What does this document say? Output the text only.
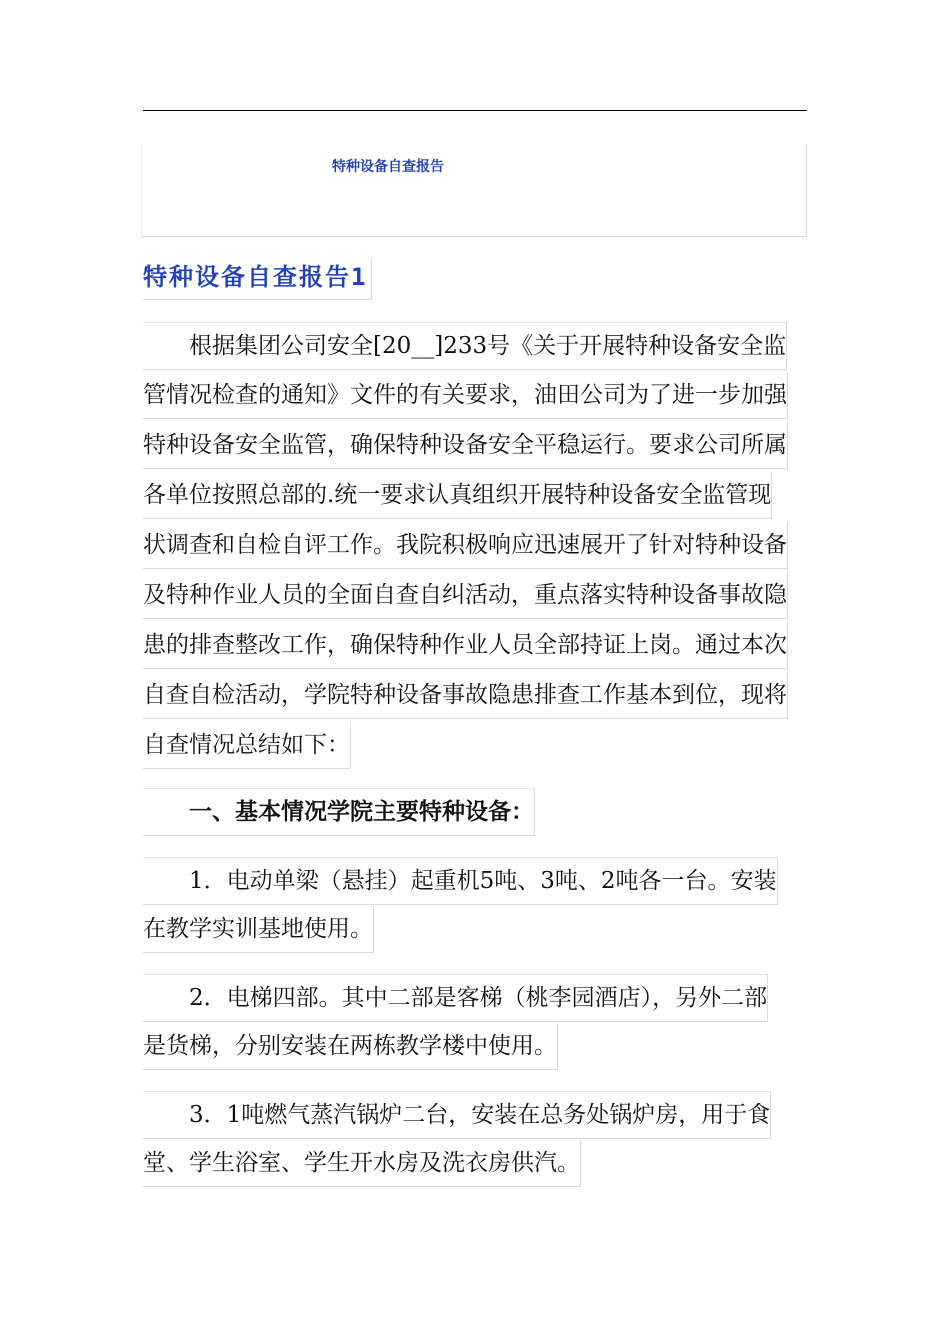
特种设备自查报告
特种设备自查报告1
　　根据集团公司安全[20__]233号《关于开展特种设备安全监
管情况检查的通知》文件的有关要求，油田公司为了进一步加强
特种设备安全监管，确保特种设备安全平稳运行。要求公司所属
各单位按照总部的.统一要求认真组织开展特种设备安全监管现
状调查和自检自评工作。我院积极响应迅速展开了针对特种设备
及特种作业人员的全面自查自纠活动，重点落实特种设备事故隐
患的排查整改工作，确保特种作业人员全部持证上岗。通过本次
自查自检活动，学院特种设备事故隐患排查工作基本到位，现将
自查情况总结如下：
　　一、基本情况学院主要特种设备：
　　1．电动单梁（悬挂）起重机5吨、3吨、2吨各一台。安装
在教学实训基地使用。
　　2．电梯四部。其中二部是客梯（桃李园酒店），另外二部
是货梯，分别安装在两栋教学楼中使用。
　　3．1吨燃气蒸汽锅炉二台，安装在总务处锅炉房，用于食
堂、学生浴室、学生开水房及洗衣房供汽。
